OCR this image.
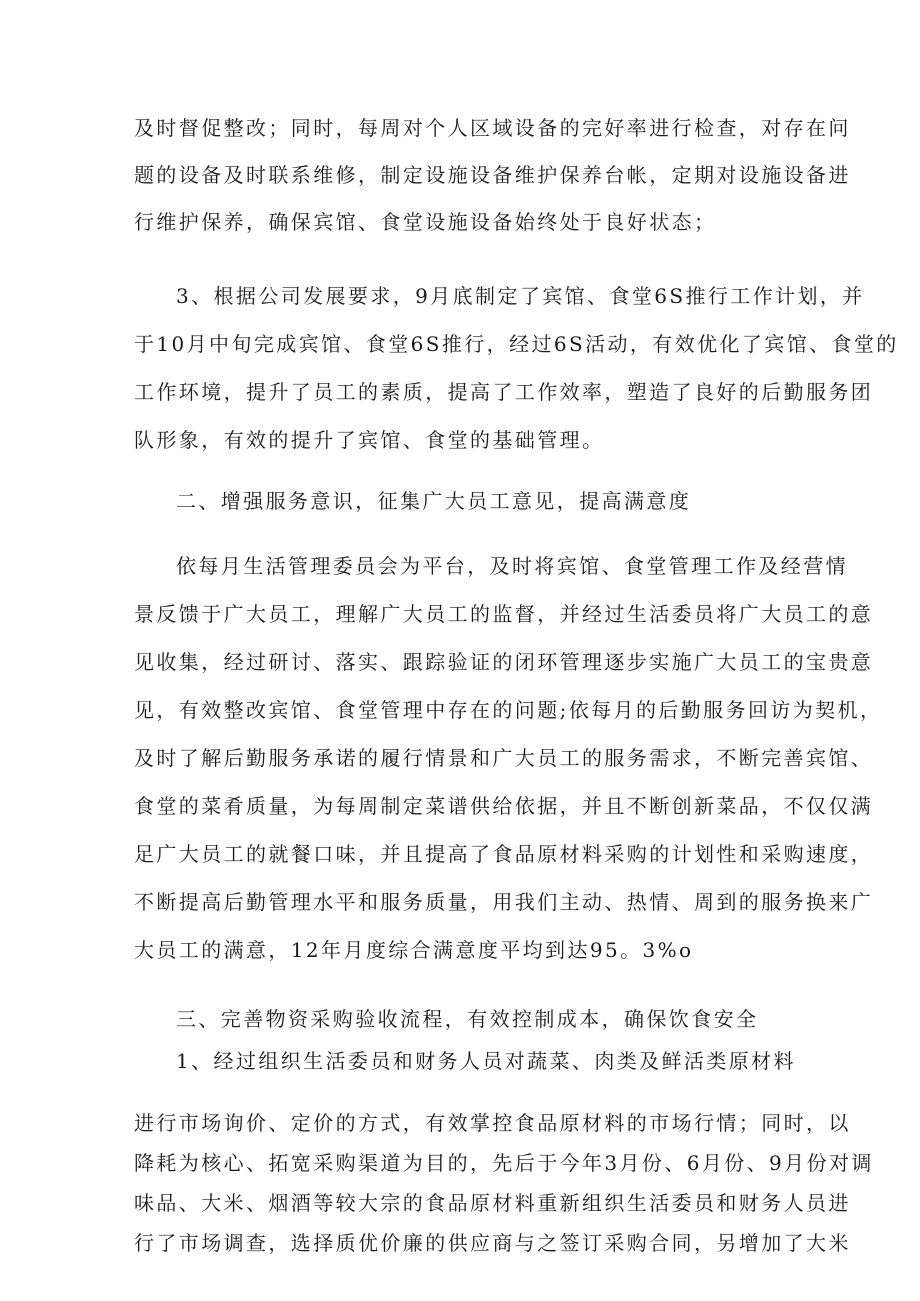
及时督促整改；同时，每周对个人区域设备的完好率进行检查，对存在问
题的设备及时联系维修，制定设施设备维护保养台帐，定期对设施设备进
行维护保养，确保宾馆、食堂设施设备始终处于良好状态；

3、根据公司发展要求，9月底制定了宾馆、食堂6S推行工作计划，并
于10月中旬完成宾馆、食堂6S推行，经过6S活动，有效优化了宾馆、食堂的
工作环境，提升了员工的素质，提高了工作效率，塑造了良好的后勤服务团
队形象，有效的提升了宾馆、食堂的基础管理。

二、增强服务意识，征集广大员工意见，提高满意度

依每月生活管理委员会为平台，及时将宾馆、食堂管理工作及经营情
景反馈于广大员工，理解广大员工的监督，并经过生活委员将广大员工的意
见收集，经过研讨、落实、跟踪验证的闭环管理逐步实施广大员工的宝贵意
见，有效整改宾馆、食堂管理中存在的问题;依每月的后勤服务回访为契机，
及时了解后勤服务承诺的履行情景和广大员工的服务需求，不断完善宾馆、
食堂的菜肴质量，为每周制定菜谱供给依据，并且不断创新菜品，不仅仅满
足广大员工的就餐口味，并且提高了食品原材料采购的计划性和采购速度，
不断提高后勤管理水平和服务质量，用我们主动、热情、周到的服务换来广
大员工的满意，12年月度综合满意度平均到达95。3%o

三、完善物资采购验收流程，有效控制成本，确保饮食安全

1、经过组织生活委员和财务人员对蔬菜、肉类及鲜活类原材料

进行市场询价、定价的方式，有效掌控食品原材料的市场行情；同时，以
降耗为核心、拓宽采购渠道为目的，先后于今年3月份、6月份、9月份对调
味品、大米、烟酒等较大宗的食品原材料重新组织生活委员和财务人员进
行了市场调查，选择质优价廉的供应商与之签订采购合同，另增加了大米
